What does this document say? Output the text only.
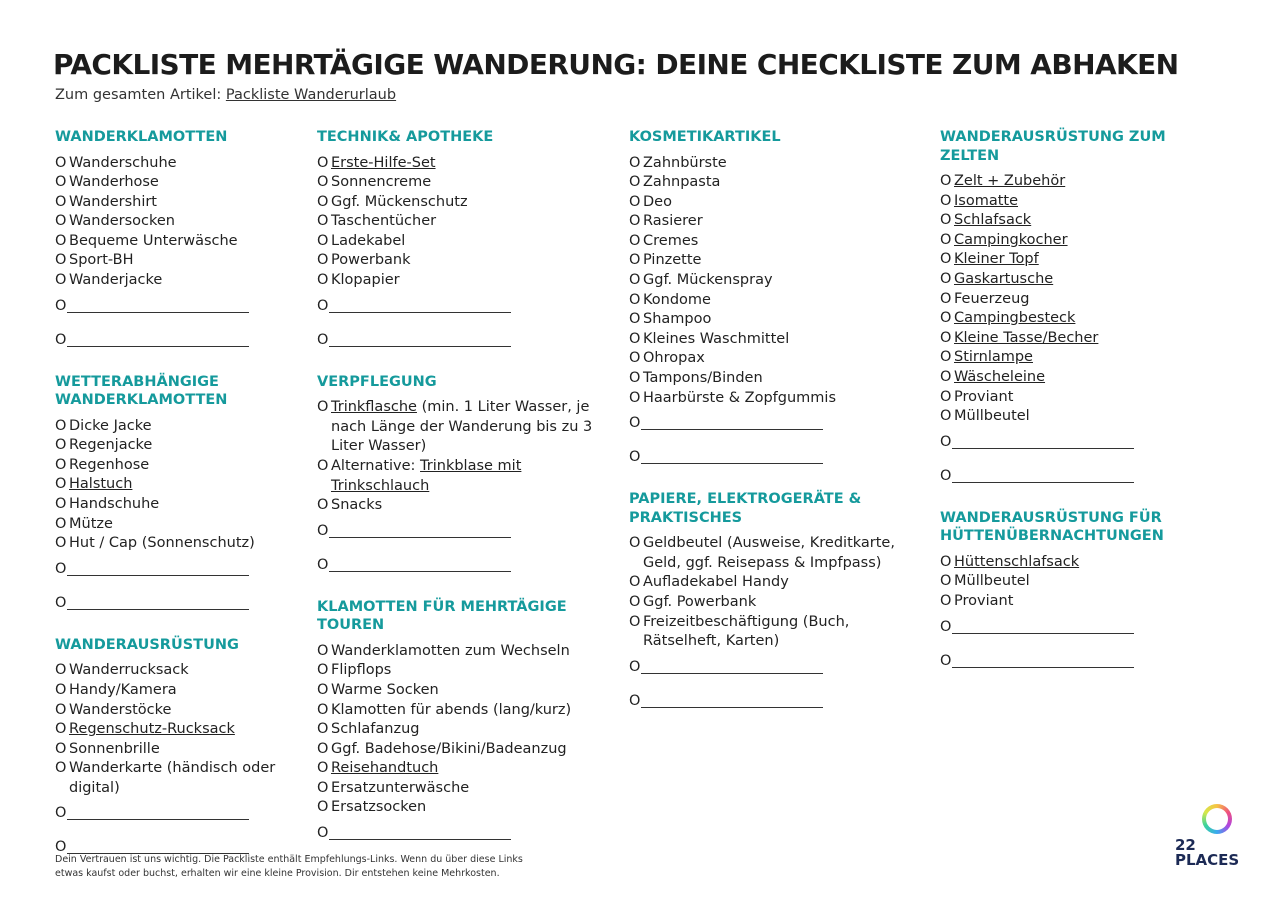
PACKLISTE MEHRTÄGIGE WANDERUNG: DEINE CHECKLISTE ZUM ABHAKEN
Zum gesamten Artikel: Packliste Wanderurlaub
WANDERKLAMOTTEN
O Wanderschuhe
O Wanderhose
O Wandershirt
O Wandersocken
O Bequeme Unterwäsche
O Sport-BH
O Wanderjacke
O
O
WETTERABHÄNGIGE WANDERKLAMOTTEN
O Dicke Jacke
O Regenjacke
O Regenhose
O Halstuch
O Handschuhe
O Mütze
O Hut / Cap (Sonnenschutz)
O
O
WANDERAUSRÜSTUNG
O Wanderrucksack
O Handy/Kamera
O Wanderstöcke
O Regenschutz-Rucksack
O Sonnenbrille
O Wanderkarte (händisch oder digital)
O
O
TECHNIK& APOTHEKE
O Erste-Hilfe-Set
O Sonnencreme
O Ggf. Mückenschutz
O Taschentücher
O Ladekabel
O Powerbank
O Klopapier
O
O
VERPFLEGUNG
O Trinkflasche (min. 1 Liter Wasser, je nach Länge der Wanderung bis zu 3 Liter Wasser)
O Alternative: Trinkblase mit Trinkschlauch
O Snacks
O
O
KLAMOTTEN FÜR MEHRTÄGIGE TOUREN
O Wanderklamotten zum Wechseln
O Flipflops
O Warme Socken
O Klamotten für abends (lang/kurz)
O Schlafanzug
O Ggf. Badehose/Bikini/Badeanzug
O Reisehandtuch
O Ersatzunterwäsche
O Ersatzsocken
O
KOSMETIKARTIKEL
O Zahnbürste
O Zahnpasta
O Deo
O Rasierer
O Cremes
O Pinzette
O Ggf. Mückenspray
O Kondome
O Shampoo
O Kleines Waschmittel
O Ohropax
O Tampons/Binden
O Haarbürste & Zopfgummis
O
O
PAPIERE, ELEKTROGERÄTE & PRAKTISCHES
O Geldbeutel (Ausweise, Kreditkarte, Geld, ggf. Reisepass & Impfpass)
O Aufladekabel Handy
O Ggf. Powerbank
O Freizeitbeschäftigung (Buch, Rätselheft, Karten)
O
O
WANDERAUSRÜSTUNG ZUM ZELTEN
O Zelt + Zubehör
O Isomatte
O Schlafsack
O Campingkocher
O Kleiner Topf
O Gaskartusche
O Feuerzeug
O Campingbesteck
O Kleine Tasse/Becher
O Stirnlampe
O Wäscheleine
O Proviant
O Müllbeutel
O
O
WANDERAUSRÜSTUNG FÜR HÜTTENÜBERNACHTUNGEN
O Hüttenschlafsack
O Müllbeutel
O Proviant
O
O
Dein Vertrauen ist uns wichtig. Die Packliste enthält Empfehlungs-Links. Wenn du über diese Links
etwas kaufst oder buchst, erhalten wir eine kleine Provision. Dir entstehen keine Mehrkosten.
22
PLACES
